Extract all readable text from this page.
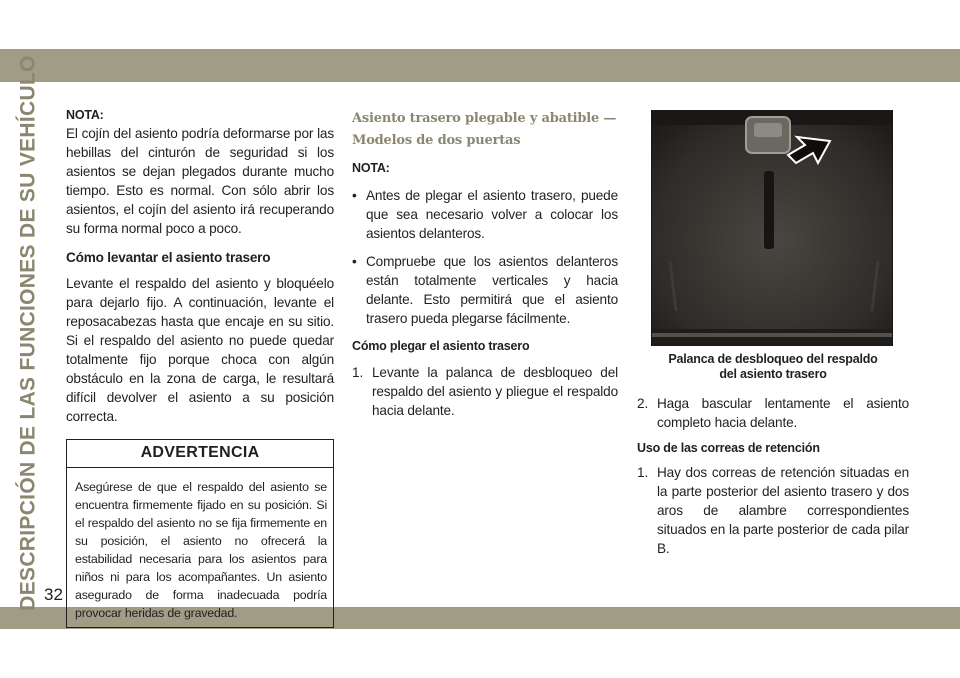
DESCRIPCIÓN DE LAS FUNCIONES DE SU VEHÍCULO 32
NOTA:
El cojín del asiento podría deformarse por las hebillas del cinturón de seguridad si los asientos se dejan plegados durante mucho tiempo. Esto es normal. Con sólo abrir los asientos, el cojín del asiento irá recuperando su forma normal poco a poco.
Cómo levantar el asiento trasero
Levante el respaldo del asiento y bloquéelo para dejarlo fijo. A continuación, levante el reposacabezas hasta que encaje en su sitio. Si el respaldo del asiento no puede quedar totalmente fijo porque choca con algún obstáculo en la zona de carga, le resultará difícil devolver el asiento a su posición correcta.
ADVERTENCIA
Asegúrese de que el respaldo del asiento se encuentra firmemente fijado en su posición. Si el respaldo del asiento no se fija firmemente en su posición, el asiento no ofrecerá la estabilidad necesaria para los asientos para niños ni para los acompañantes. Un asiento asegurado de forma inadecuada podría provocar heridas de gravedad.
Asiento trasero plegable y abatible —
Modelos de dos puertas
NOTA:
• Antes de plegar el asiento trasero, puede que sea necesario volver a colocar los asientos delanteros.
• Compruebe que los asientos delanteros están totalmente verticales y hacia delante. Esto permitirá que el asiento trasero pueda plegarse fácilmente.
Cómo plegar el asiento trasero
1. Levante la palanca de desbloqueo del respaldo del asiento y pliegue el respaldo hacia delante.
Palanca de desbloqueo del respaldo
del asiento trasero
2. Haga bascular lentamente el asiento completo hacia delante.
Uso de las correas de retención
1. Hay dos correas de retención situadas en la parte posterior del asiento trasero y dos aros de alambre correspondientes situados en la parte posterior de cada pilar B.
